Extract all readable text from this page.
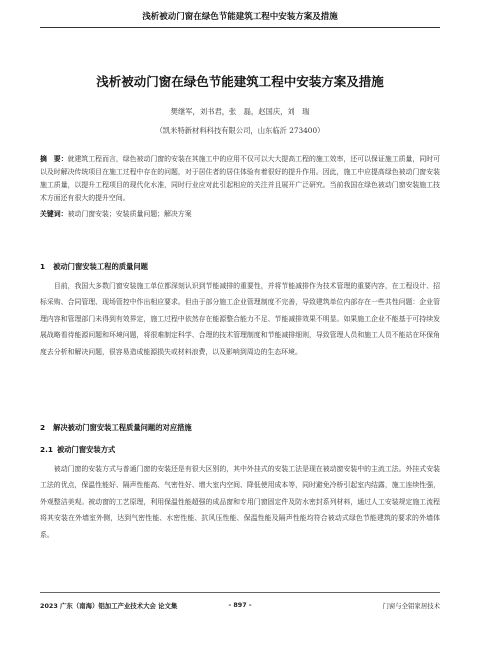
浅析被动门窗在绿色节能建筑工程中安装方案及措施
浅析被动门窗在绿色节能建筑工程中安装方案及措施
樊继军，刘书君，张　磊，赵国庆，刘　瑞
（凯米特新材料科技有限公司，山东临沂 273400）
摘　要：就建筑工程而言，绿色被动门窗的安装在其施工中的应用不仅可以大大提高工程的施工效率，还可以保证施工质量，同时可以及时解决传统项目在施工过程中存在的问题，对于居住者的居住体验有着很好的提升作用。因此，施工中应提高绿色被动门窗安装施工质量，以提升工程项目的现代化水准，同时行业应对此引起相应的关注并且展开广泛研究。当前我国在绿色被动门窗安装施工技术方面还有很大的提升空间。
关键词：被动门窗安装；安装质量问题；解决方案
1 被动门窗安装工程的质量问题
目前，我国大多数门窗安装施工单位都深刻认识到节能减排的重要性，并将节能减排作为技术管理的重要内容，在工程设计、招标采购、合同管理、现场管控中作出相应要求。但由于部分施工企业管理制度不完善，导致建筑单位内部存在一些共性问题：企业管理内容和管理部门未得到有效界定，施工过程中依然存在能源整合能力不足、节能减排效果不明显。如果施工企业不能基于可持续发展战略看待能源问题和环境问题，将很难制定科学、合理的技术管理制度和节能减排细则，导致管理人员和施工人员不能站在环保角度去分析和解决问题，很容易造成能源损失或材料浪费，以及影响到周边的生态环境。
2 解决被动门窗安装工程质量问题的对应措施
2.1 被动门窗安装方式
被动门窗的安装方式与普通门窗的安装还是有很大区别的，其中外挂式的安装工法是现在被动窗安装中的主流工法。外挂式安装工法的优点，保温性能好、隔声性能高、气密性好、增大室内空间、降低使用成本等，同时避免冷桥引起室内结露，施工连续性强，外观整洁美观。被动窗的工艺原理，利用保温性能超强的成品窗和专用门窗固定件及防水密封系列材料，通过人工安装规定施工流程将其安装在外墙室外侧，达到气密性能、水密性能、抗风压性能、保温性能及隔声性能均符合被动式绿色节能建筑的要求的外墙体系。
2023 广东（南海）铝加工产业技术大会 论文集	- 897 -	门窗与全铝家居技术
